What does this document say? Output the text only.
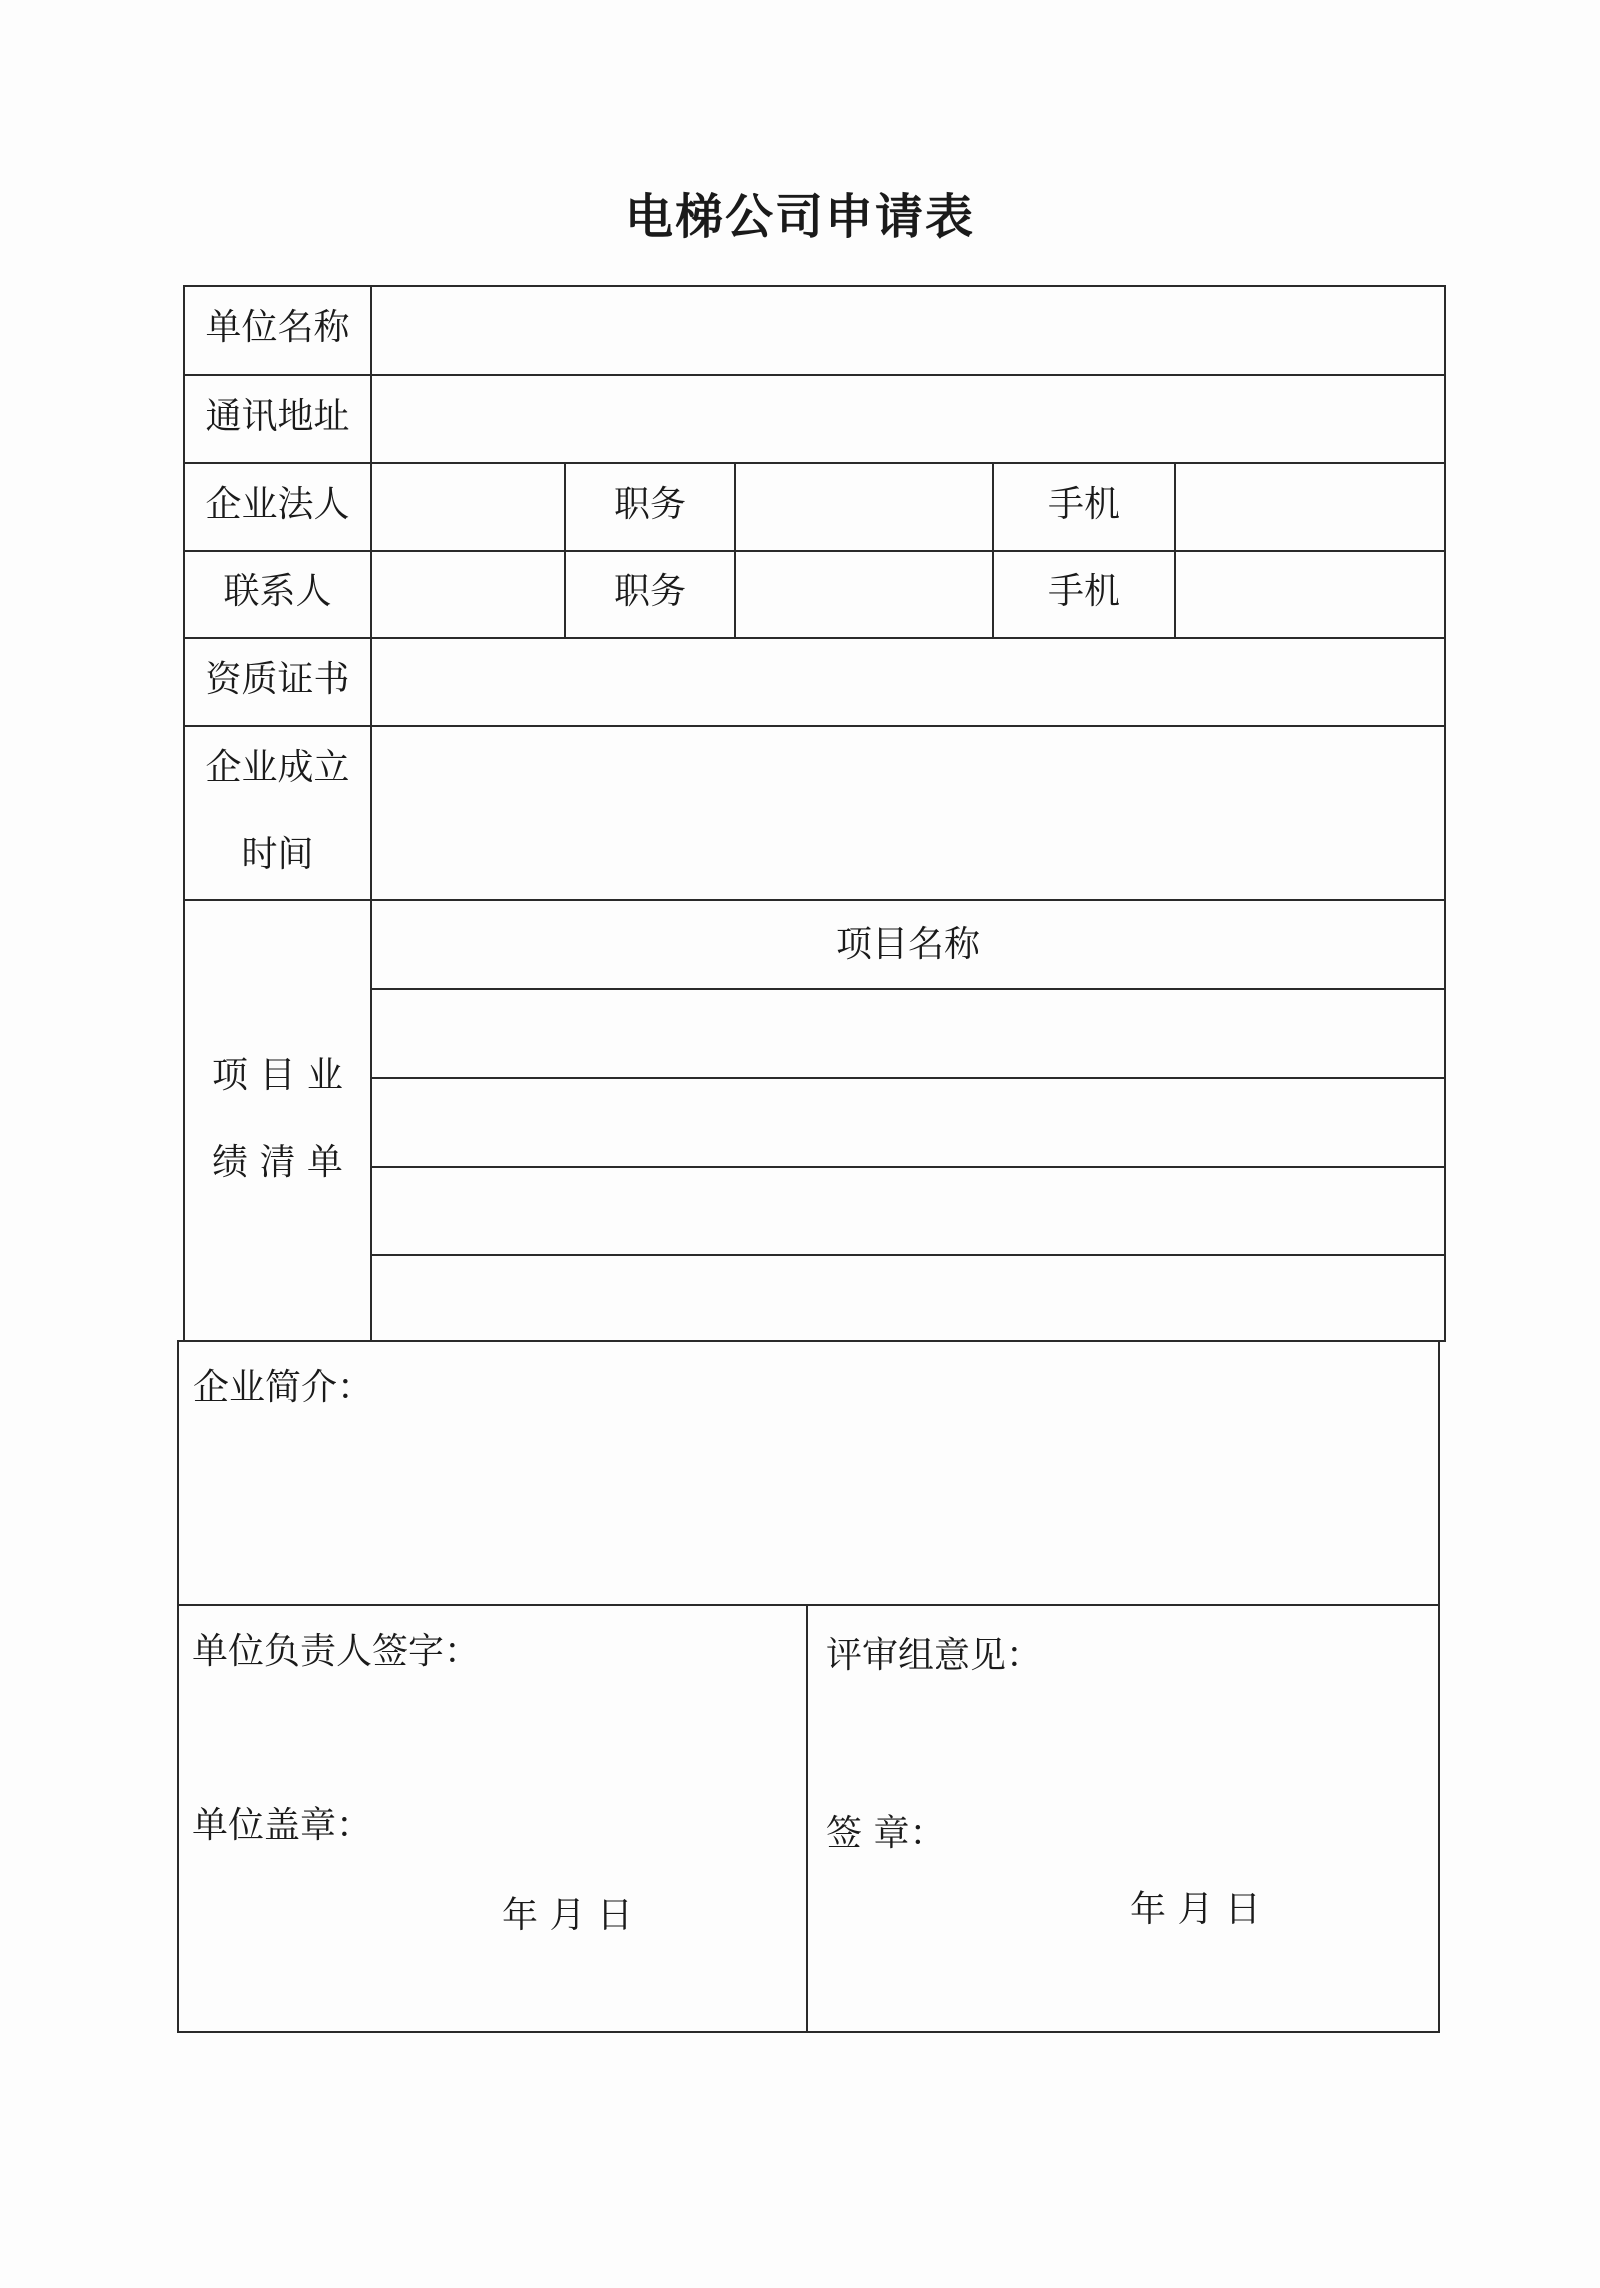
电梯公司申请表
单位名称
通讯地址
企业法人	职务	手机
联系人	职务	手机
资质证书
企业成立
时间
项 目 业
绩 清 单
项目名称
企业简介：
单位负责人签字：
单位盖章：
年 月 日
评审组意见：
签 章：
年 月 日
